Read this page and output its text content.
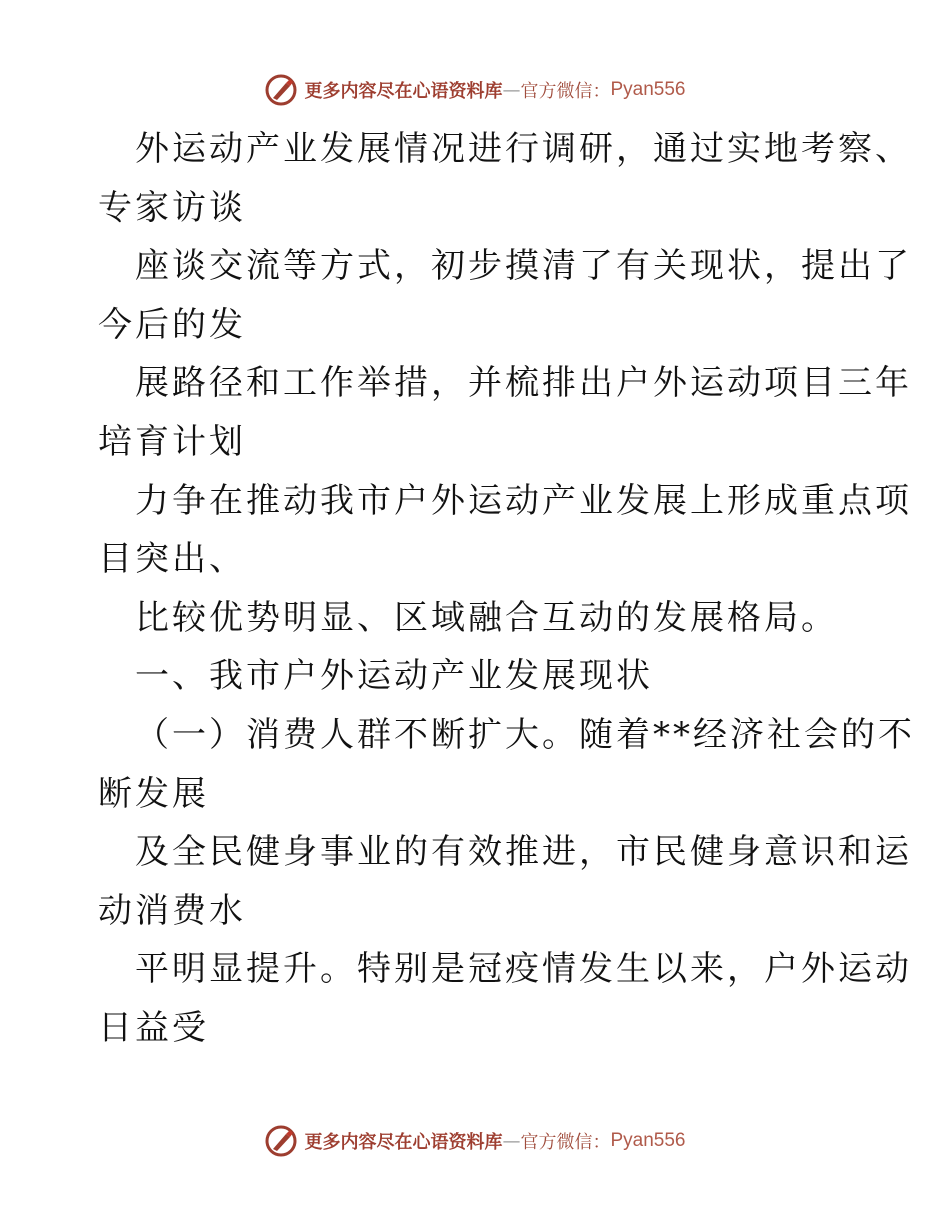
更多内容尽在心语资料库 — 官方微信： Pyan556
外运动产业发展情况进行调研，通过实地考察、
专家访谈
座谈交流等方式，初步摸清了有关现状，提出了
今后的发
展路径和工作举措，并梳排出户外运动项目三年
培育计划
力争在推动我市户外运动产业发展上形成重点项
目突出、
比较优势明显、区域融合互动的发展格局。
一、我市户外运动产业发展现状
（一）消费人群不断扩大。随着**经济社会的不
断发展
及全民健身事业的有效推进，市民健身意识和运
动消费水
平明显提升。特别是冠疫情发生以来，户外运动
日益受
更多内容尽在心语资料库 — 官方微信： Pyan556
